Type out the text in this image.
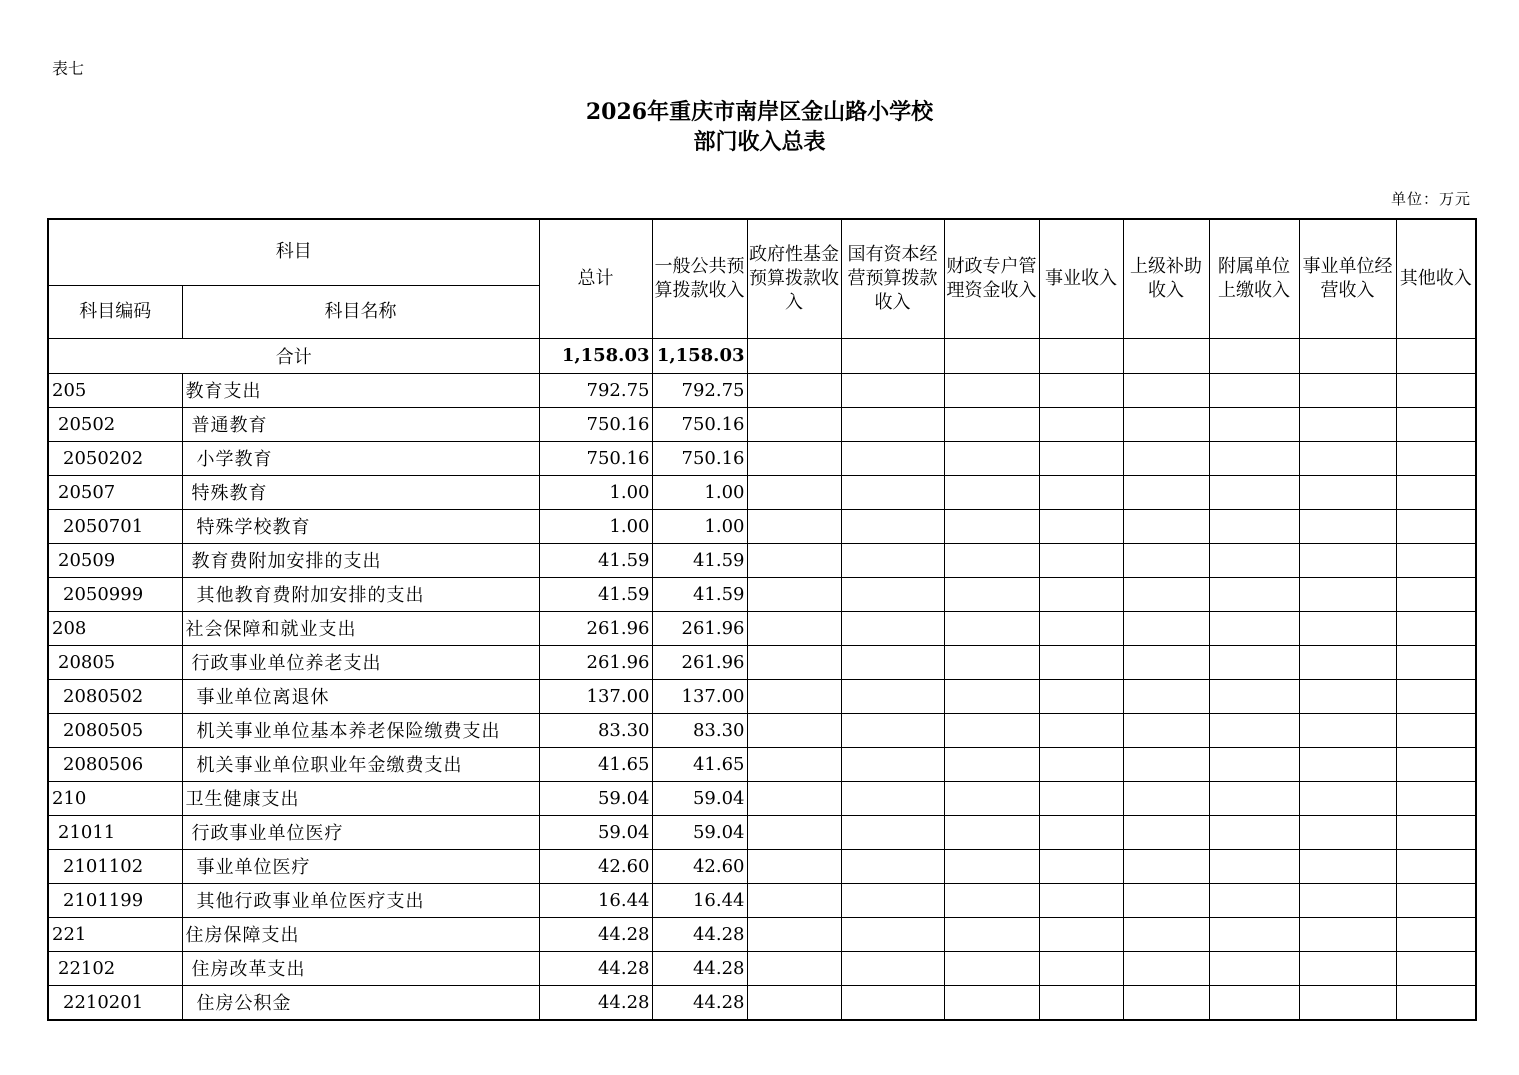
表七
2026年重庆市南岸区金山路小学校
部门收入总表
单位：万元
科目		总计	一般公共预算拨款收入	政府性基金预算拨款收入	国有资本经营预算拨款收入	财政专户管理资金收入	事业收入	上级补助收入	附属单位上缴收入	事业单位经营收入	其他收入
科目编码	科目名称										
合计		1,158.03	1,158.03								
205	教育支出	792.75	792.75								
20502	普通教育	750.16	750.16								
2050202	小学教育	750.16	750.16								
20507	特殊教育	1.00	1.00								
2050701	特殊学校教育	1.00	1.00								
20509	教育费附加安排的支出	41.59	41.59								
2050999	其他教育费附加安排的支出	41.59	41.59								
208	社会保障和就业支出	261.96	261.96								
20805	行政事业单位养老支出	261.96	261.96								
2080502	事业单位离退休	137.00	137.00								
2080505	机关事业单位基本养老保险缴费支出	83.30	83.30								
2080506	机关事业单位职业年金缴费支出	41.65	41.65								
210	卫生健康支出	59.04	59.04								
21011	行政事业单位医疗	59.04	59.04								
2101102	事业单位医疗	42.60	42.60								
2101199	其他行政事业单位医疗支出	16.44	16.44								
221	住房保障支出	44.28	44.28								
22102	住房改革支出	44.28	44.28								
2210201	住房公积金	44.28	44.28								
